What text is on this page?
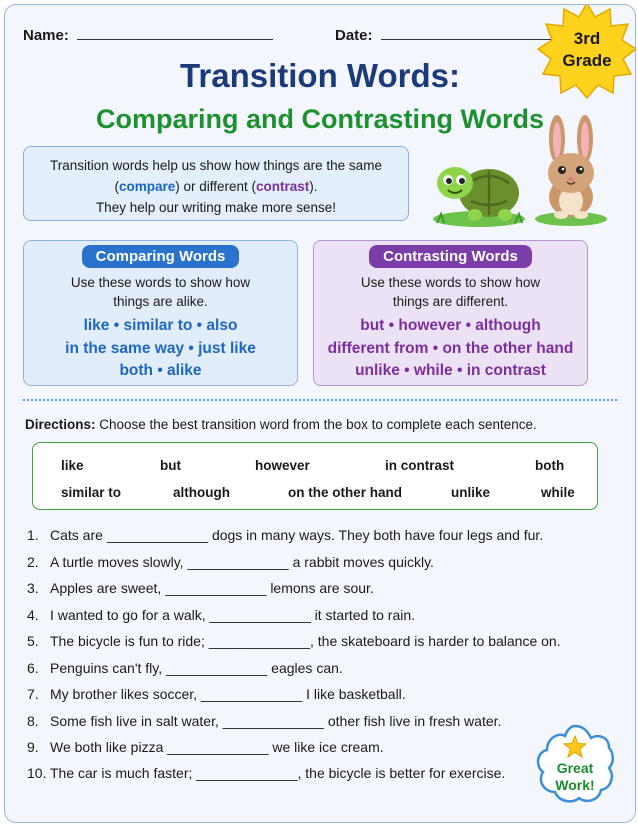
Name:	Date:	3rd
Grade
Transition Words:
Comparing and Contrasting Words
Transition words help us show how things are the same
(compare) or different (contrast).
They help our writing make more sense!
Comparing Words
Use these words to show how
things are alike.
like • similar to • also
in the same way • just like
both • alike
Contrasting Words
Use these words to show how
things are different.
but • however • although
different from • on the other hand
unlike • while • in contrast
Directions: Choose the best transition word from the box to complete each sentence.
like	but	however	in contrast	both
similar to	although	on the other hand	unlike	while
1. Cats are _____________ dogs in many ways. They both have four legs and fur.
2. A turtle moves slowly, _____________ a rabbit moves quickly.
3. Apples are sweet, _____________ lemons are sour.
4. I wanted to go for a walk, _____________ it started to rain.
5. The bicycle is fun to ride; _____________, the skateboard is harder to balance on.
6. Penguins can't fly, _____________ eagles can.
7. My brother likes soccer, _____________ I like basketball.
8. Some fish live in salt water, _____________ other fish live in fresh water.
9. We both like pizza _____________ we like ice cream.
10. The car is much faster; _____________, the bicycle is better for exercise.	Great
Work!
